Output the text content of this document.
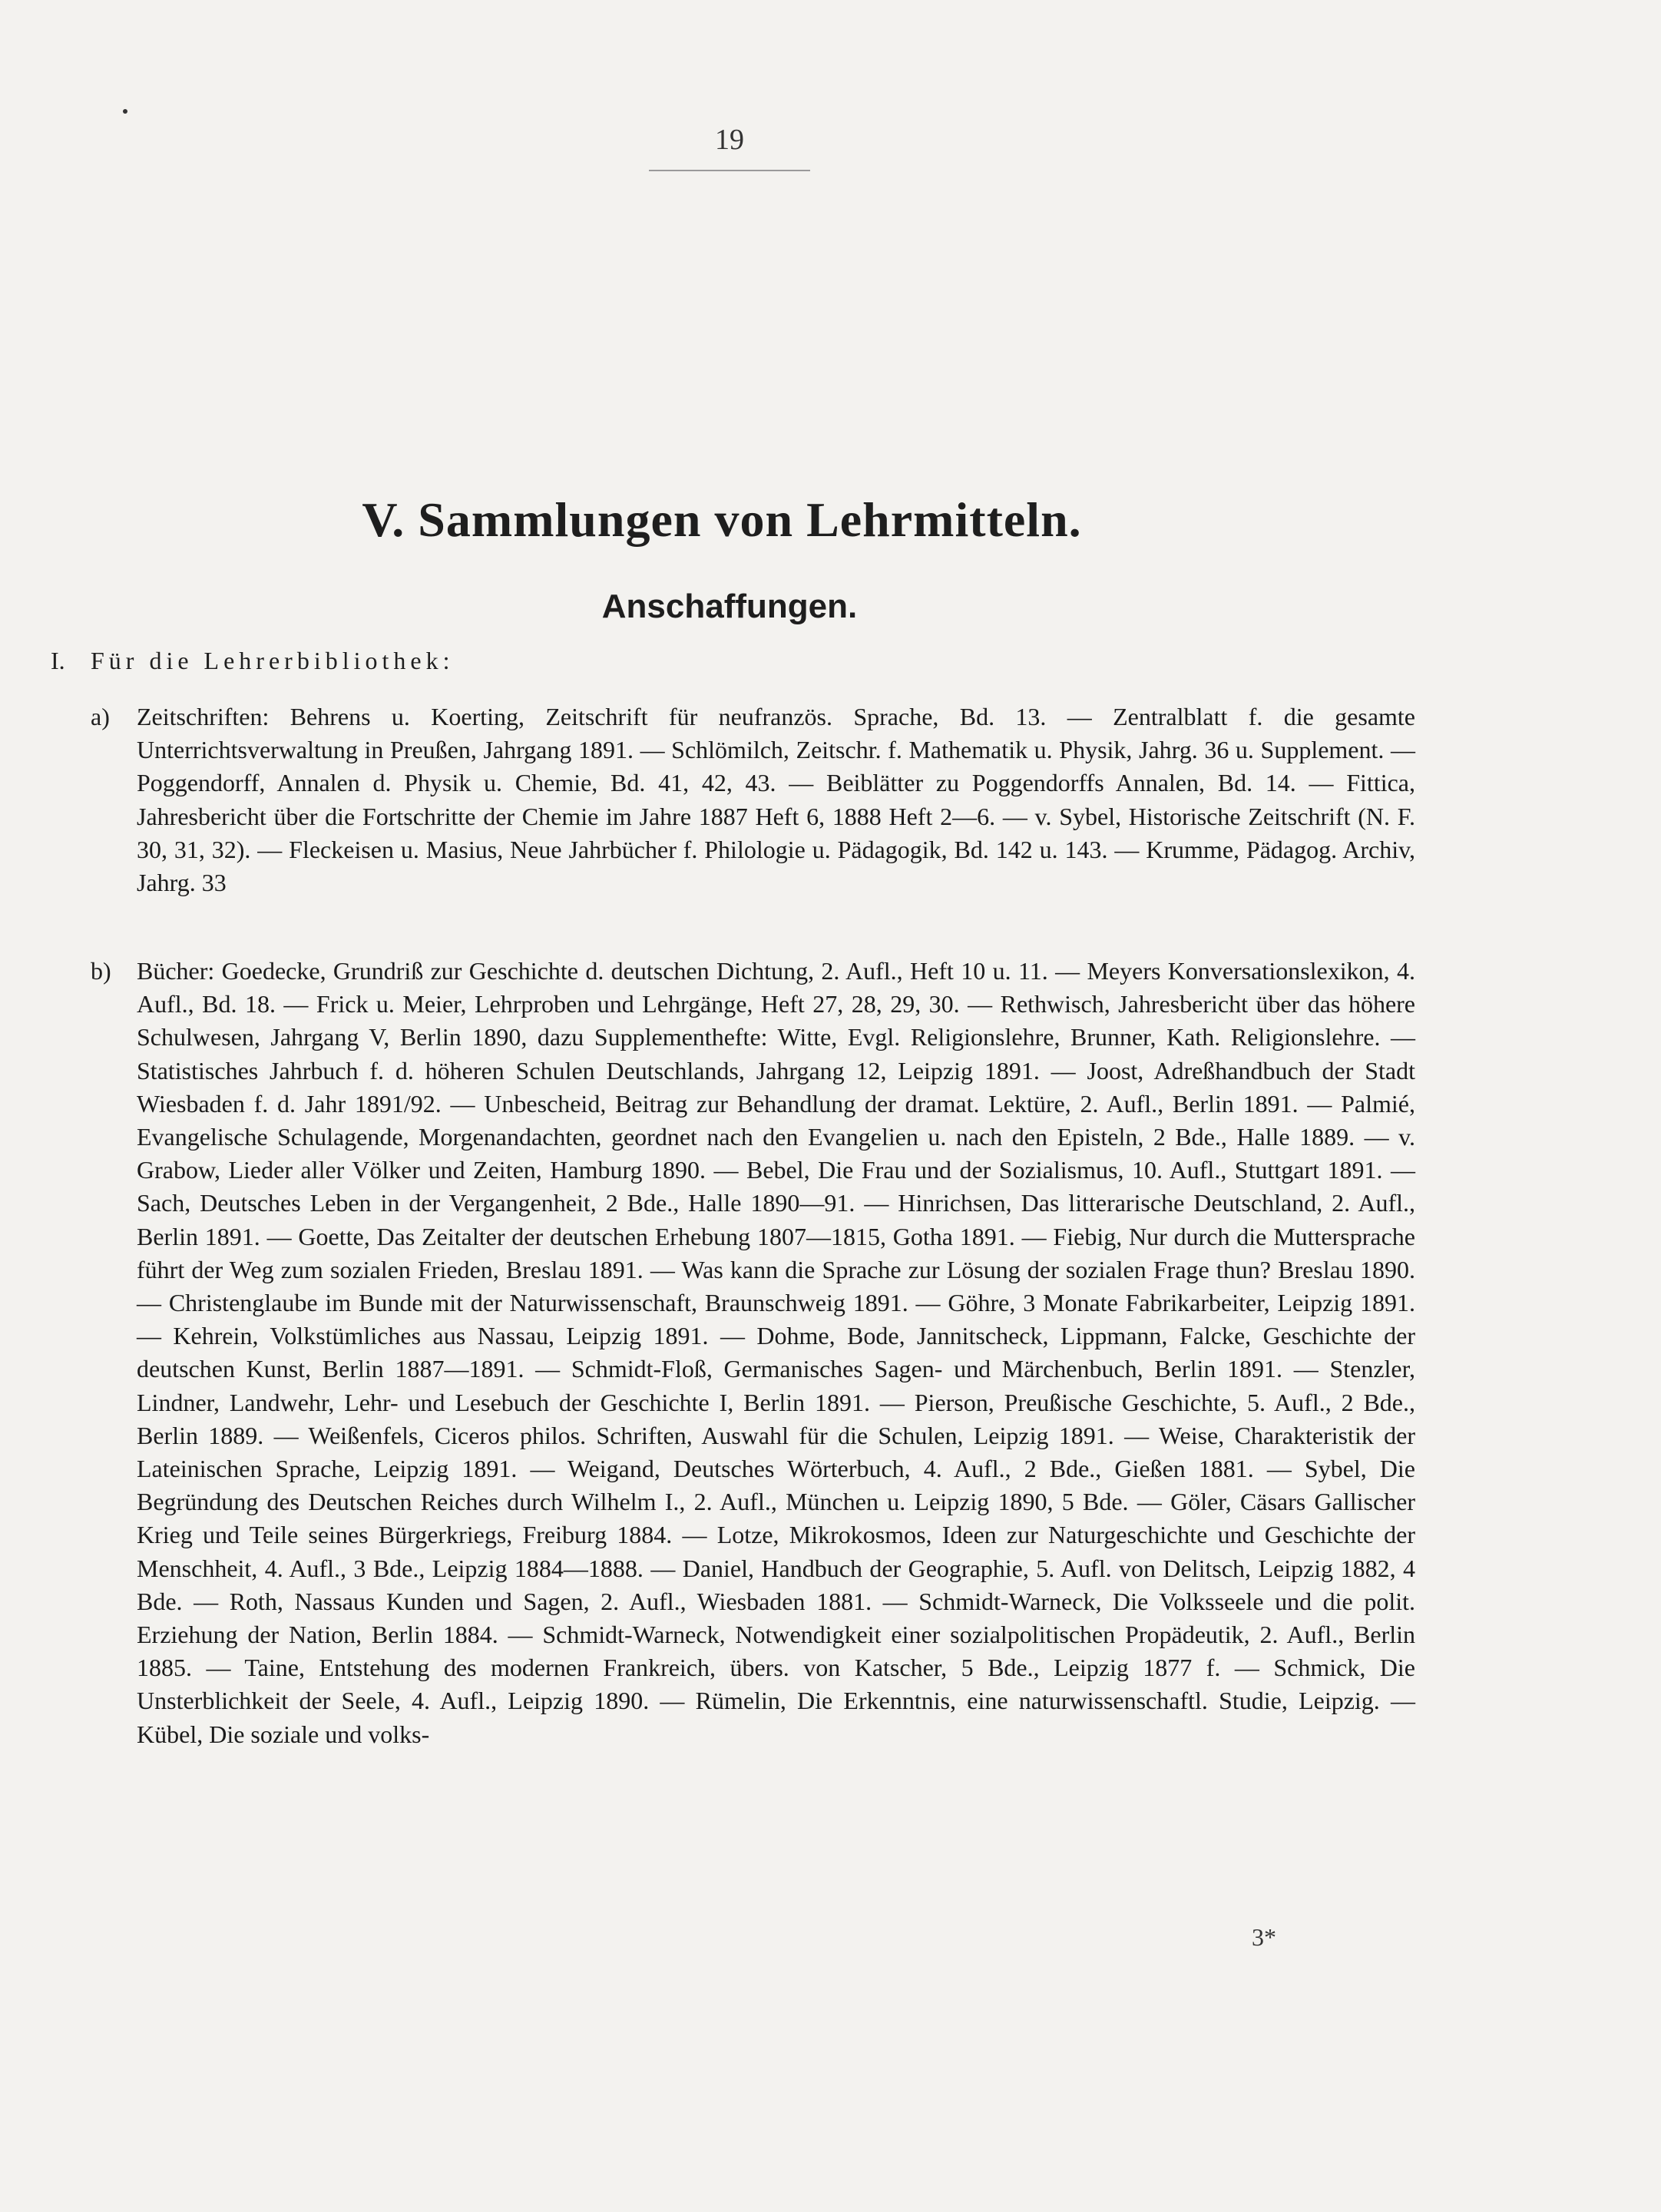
19
V. Sammlungen von Lehrmitteln.
Anschaffungen.
I. Für die Lehrerbibliothek:
a) Zeitschriften: Behrens u. Koerting, Zeitschrift für neufranzös. Sprache, Bd. 13. — Zentralblatt f. die gesamte Unterrichtsverwaltung in Preußen, Jahrgang 1891. — Schlömilch, Zeitschr. f. Mathematik u. Physik, Jahrg. 36 u. Supplement. — Poggendorff, Annalen d. Physik u. Chemie, Bd. 41, 42, 43. — Beiblätter zu Poggendorffs Annalen, Bd. 14. — Fittica, Jahresbericht über die Fortschritte der Chemie im Jahre 1887 Heft 6, 1888 Heft 2—6. — v. Sybel, Historische Zeitschrift (N. F. 30, 31, 32). — Fleckeisen u. Masius, Neue Jahrbücher f. Philologie u. Pädagogik, Bd. 142 u. 143. — Krumme, Pädagog. Archiv, Jahrg. 33
b) Bücher: Goedecke, Grundriß zur Geschichte d. deutschen Dichtung, 2. Aufl., Heft 10 u. 11. — Meyers Konversationslexikon, 4. Aufl., Bd. 18. — Frick u. Meier, Lehrproben und Lehrgänge, Heft 27, 28, 29, 30. — Rethwisch, Jahresbericht über das höhere Schulwesen, Jahrgang V, Berlin 1890, dazu Supplementhefte: Witte, Evgl. Religionslehre, Brunner, Kath. Religionslehre. — Statistisches Jahrbuch f. d. höheren Schulen Deutschlands, Jahrgang 12, Leipzig 1891. — Joost, Adreßhandbuch der Stadt Wiesbaden f. d. Jahr 1891/92. — Unbescheid, Beitrag zur Behandlung der dramat. Lektüre, 2. Aufl., Berlin 1891. — Palmié, Evangelische Schulagende, Morgenandachten, geordnet nach den Evangelien u. nach den Episteln, 2 Bde., Halle 1889. — v. Grabow, Lieder aller Völker und Zeiten, Hamburg 1890. — Bebel, Die Frau und der Sozialismus, 10. Aufl., Stuttgart 1891. — Sach, Deutsches Leben in der Vergangenheit, 2 Bde., Halle 1890—91. — Hinrichsen, Das litterarische Deutschland, 2. Aufl., Berlin 1891. — Goette, Das Zeitalter der deutschen Erhebung 1807—1815, Gotha 1891. — Fiebig, Nur durch die Muttersprache führt der Weg zum sozialen Frieden, Breslau 1891. — Was kann die Sprache zur Lösung der sozialen Frage thun? Breslau 1890. — Christenglaube im Bunde mit der Naturwissenschaft, Braunschweig 1891. — Göhre, 3 Monate Fabrikarbeiter, Leipzig 1891. — Kehrein, Volkstümliches aus Nassau, Leipzig 1891. — Dohme, Bode, Jannitscheck, Lippmann, Falcke, Geschichte der deutschen Kunst, Berlin 1887—1891. — Schmidt-Floß, Germanisches Sagen- und Märchenbuch, Berlin 1891. — Stenzler, Lindner, Landwehr, Lehr- und Lesebuch der Geschichte I, Berlin 1891. — Pierson, Preußische Geschichte, 5. Aufl., 2 Bde., Berlin 1889. — Weißenfels, Ciceros philos. Schriften, Auswahl für die Schulen, Leipzig 1891. — Weise, Charakteristik der Lateinischen Sprache, Leipzig 1891. — Weigand, Deutsches Wörterbuch, 4. Aufl., 2 Bde., Gießen 1881. — Sybel, Die Begründung des Deutschen Reiches durch Wilhelm I., 2. Aufl., München u. Leipzig 1890, 5 Bde. — Göler, Cäsars Gallischer Krieg und Teile seines Bürgerkriegs, Freiburg 1884. — Lotze, Mikrokosmos, Ideen zur Naturgeschichte und Geschichte der Menschheit, 4. Aufl., 3 Bde., Leipzig 1884—1888. — Daniel, Handbuch der Geographie, 5. Aufl. von Delitsch, Leipzig 1882, 4 Bde. — Roth, Nassaus Kunden und Sagen, 2. Aufl., Wiesbaden 1881. — Schmidt-Warneck, Die Volksseele und die polit. Erziehung der Nation, Berlin 1884. — Schmidt-Warneck, Notwendigkeit einer sozialpolitischen Propädeutik, 2. Aufl., Berlin 1885. — Taine, Entstehung des modernen Frankreich, übers. von Katscher, 5 Bde., Leipzig 1877 f. — Schmick, Die Unsterblichkeit der Seele, 4. Aufl., Leipzig 1890. — Rümelin, Die Erkenntnis, eine naturwissenschaftl. Studie, Leipzig. — Kübel, Die soziale und volks-
3*
